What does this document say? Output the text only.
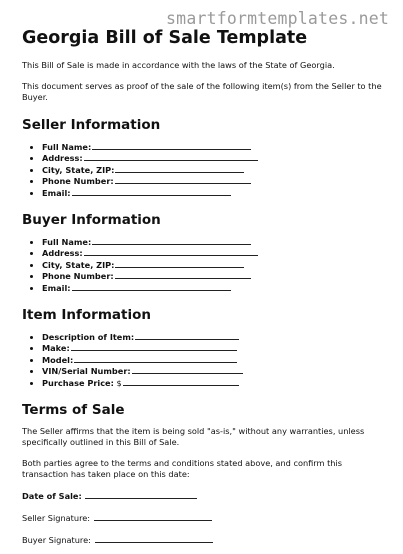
smartformtemplates.net
Georgia Bill of Sale Template

This Bill of Sale is made in accordance with the laws of the State of Georgia.

This document serves as proof of the sale of the following item(s) from the Seller to the Buyer.

Seller Information
• Full Name:
• Address:
• City, State, ZIP:
• Phone Number:
• Email:
Buyer Information
• Full Name:
• Address:
• City, State, ZIP:
• Phone Number:
• Email:
Item Information
• Description of Item:
• Make:
• Model:
• VIN/Serial Number:
• Purchase Price: $
Terms of Sale

The Seller affirms that the item is being sold "as-is," without any warranties, unless specifically outlined in this Bill of Sale.

Both parties agree to the terms and conditions stated above, and confirm this transaction has taken place on this date:

Date of Sale:
Seller Signature:
Buyer Signature:
